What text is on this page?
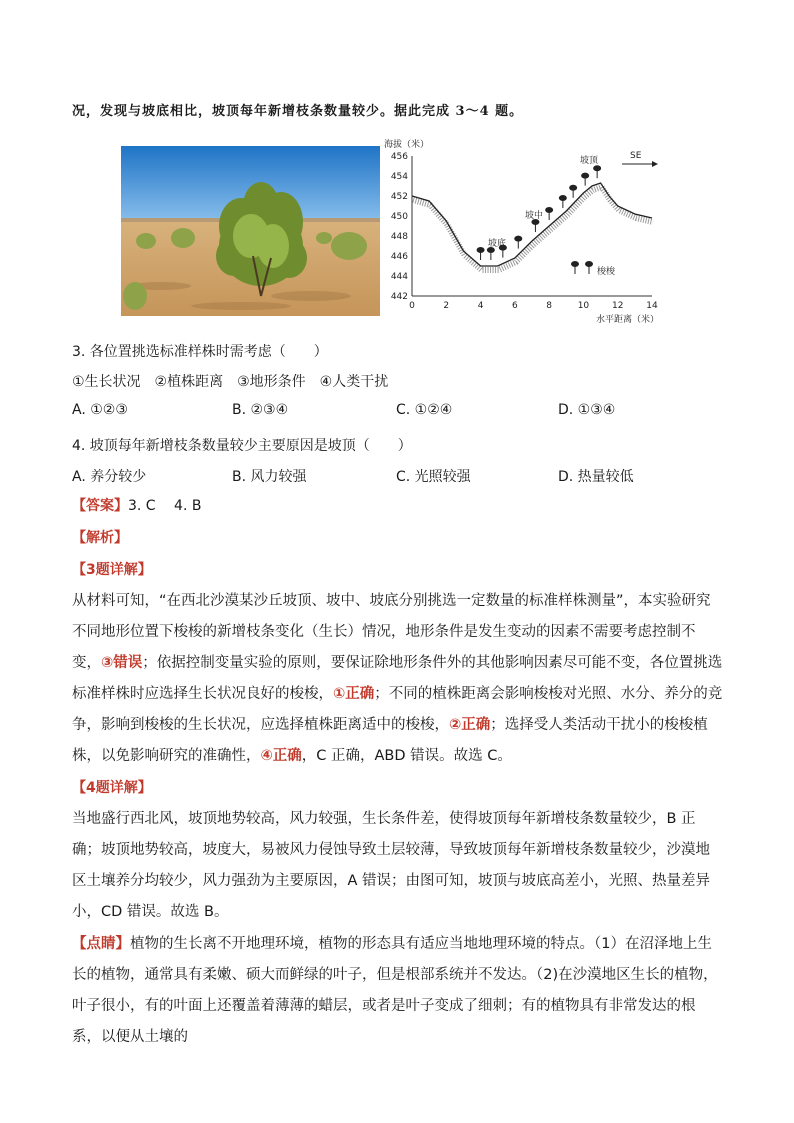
况，发现与坡底相比，坡顶每年新增枝条数量较少。据此完成 3～4 题。
海拔（米）
水平距离（米）
456
454
452
450
448
446
444
442
0	2	4	6	8	10	12	14
坡顶
坡中
坡底
SE
梭梭
3. 各位置挑选标准样株时需考虑（　　）
①生长状况　②植株距离　③地形条件　④人类干扰
A. ①②③	B. ②③④	C. ①②④	D. ①③④
4. 坡顶每年新增枝条数量较少主要原因是坡顶（　　）
A. 养分较少	B. 风力较强	C. 光照较强	D. 热量较低
【答案】3. C　 4. B
【解析】
【3题详解】
从材料可知，“在西北沙漠某沙丘坡顶、坡中、坡底分别挑选一定数量的标准样株测量”，本实验研究不同地形位置下梭梭的新增枝条变化（生长）情况，地形条件是发生变动的因素不需要考虑控制不变，③错误；依据控制变量实验的原则，要保证除地形条件外的其他影响因素尽可能不变，各位置挑选标准样株时应选择生长状况良好的梭梭，①正确；不同的植株距离会影响梭梭对光照、水分、养分的竞争，影响到梭梭的生长状况，应选择植株距离适中的梭梭，②正确；选择受人类活动干扰小的梭梭植株，以免影响研究的准确性，④正确，C 正确，ABD 错误。故选 C。
【4题详解】
当地盛行西北风，坡顶地势较高，风力较强，生长条件差，使得坡顶每年新增枝条数量较少，B 正确；坡顶地势较高，坡度大，易被风力侵蚀导致土层较薄，导致坡顶每年新增枝条数量较少，沙漠地区土壤养分均较少，风力强劲为主要原因，A 错误；由图可知，坡顶与坡底高差小，光照、热量差异小，CD 错误。故选 B。
【点睛】植物的生长离不开地理环境，植物的形态具有适应当地地理环境的特点。（1）在沼泽地上生长的植物，通常具有柔嫩、硕大而鲜绿的叶子，但是根部系统并不发达。（2)在沙漠地区生长的植物，叶子很小，有的叶面上还覆盖着薄薄的蜡层，或者是叶子变成了细刺；有的植物具有非常发达的根系，以便从土壤的
